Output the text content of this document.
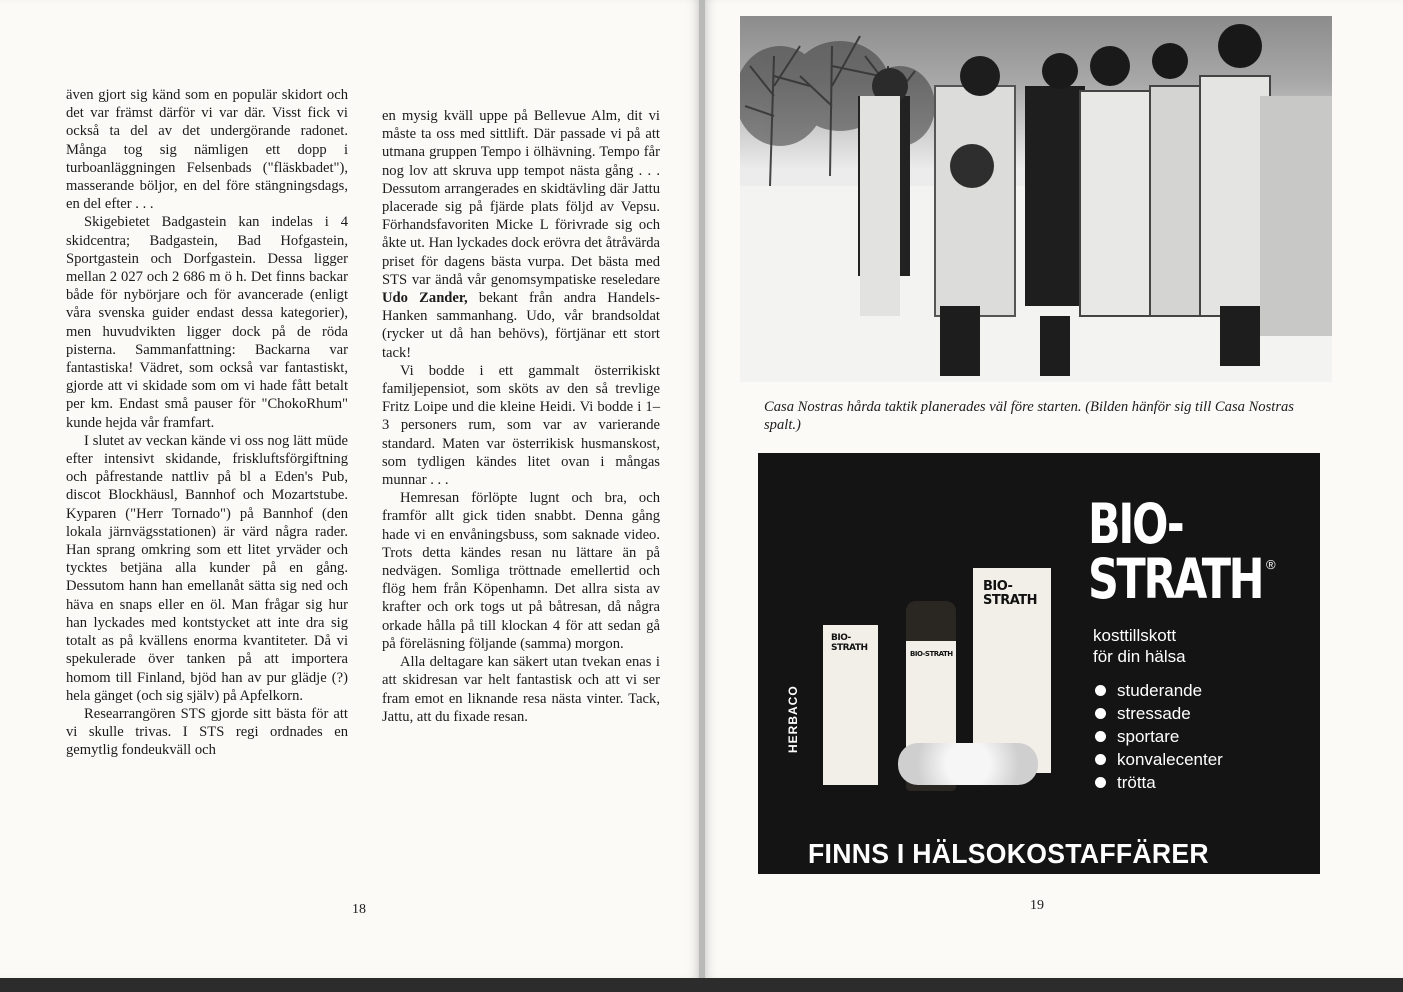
även gjort sig känd som en populär skidort och det var främst därför vi var där. Visst fick vi också ta del av det undergörande radonet. Många tog sig nämligen ett dopp i turboanläggningen Felsenbads ("fläskbadet"), masserande böljor, en del före stängningsdags, en del efter . . .

Skigebietet Badgastein kan indelas i 4 skidcentra; Badgastein, Bad Hofgastein, Sportgastein och Dorfgastein. Dessa ligger mellan 2 027 och 2 686 m ö h. Det finns backar både för nybörjare och för avancerade (enligt våra svenska guider endast dessa kategorier), men huvudvikten ligger dock på de röda pisterna. Sammanfattning: Backarna var fantastiska! Vädret, som också var fantastiskt, gjorde att vi skidade som om vi hade fått betalt per km. Endast små pauser för "ChokoRhum" kunde hejda vår framfart.

I slutet av veckan kände vi oss nog lätt müde efter intensivt skidande, friskluftsförgiftning och påfrestande nattliv på bl a Eden's Pub, discot Blockhäusl, Bannhof och Mozartstube. Kyparen ("Herr Tornado") på Bannhof (den lokala järnvägsstationen) är värd några rader. Han sprang omkring som ett litet yrväder och tycktes betjäna alla kunder på en gång. Dessutom hann han emellanåt sätta sig ned och häva en snaps eller en öl. Man frågar sig hur han lyckades med kontstycket att inte dra sig totalt as på kvällens enorma kvantiteter. Då vi spekulerade över tanken på att importera homom till Finland, bjöd han av pur glädje (?) hela gänget (och sig själv) på Apfelkorn.

Researrangören STS gjorde sitt bästa för att vi skulle trivas. I STS regi ordnades en gemytlig fondeukväll och

en mysig kväll uppe på Bellevue Alm, dit vi måste ta oss med sittlift. Där passade vi på att utmana gruppen Tempo i ölhävning. Tempo får nog lov att skruva upp tempot nästa gång . . . Dessutom arrangerades en skidtävling där Jattu placerade sig på fjärde plats följd av Vepsu. Förhandsfavoriten Micke L förivrade sig och åkte ut. Han lyckades dock erövra det åtråvärda priset för dagens bästa vurpa. Det bästa med STS var ändå vår genomsympatiske reseledare Udo Zander, bekant från andra Handels-Hanken sammanhang. Udo, vår brandsoldat (rycker ut då han behövs), förtjänar ett stort tack!

Vi bodde i ett gammalt österrikiskt familjepensiot, som sköts av den så trevlige Fritz Loipe und die kleine Heidi. Vi bodde i 1–3 personers rum, som var av varierande standard. Maten var österrikisk husmanskost, som tydligen kändes litet ovan i mångas munnar . . .

Hemresan förlöpte lugnt och bra, och framför allt gick tiden snabbt. Denna gång hade vi en envåningsbuss, som saknade video. Trots detta kändes resan nu lättare än på nedvägen. Somliga tröttnade emellertid och flög hem från Köpenhamn. Det allra sista av krafter och ork togs ut på båtresan, då några orkade hålla på till klockan 4 för att sedan gå på föreläsning följande (samma) morgon.

Alla deltagare kan säkert utan tvekan enas i att skidresan var helt fantastisk och att vi ser fram emot en liknande resa nästa vinter. Tack, Jattu, att du fixade resan.

18
Casa Nostras hårda taktik planerades väl före starten. (Bilden hänför sig till Casa Nostras spalt.)
BIO-
STRATH
BIO-STRATH
BIO-
STRATH
HERBACO
BIO-
STRATH ®
kosttillskott
för din hälsa
studerande
stressade
sportare
konvalecenter
trötta
FINNS I HÄLSOKOSTAFFÄRER
19
